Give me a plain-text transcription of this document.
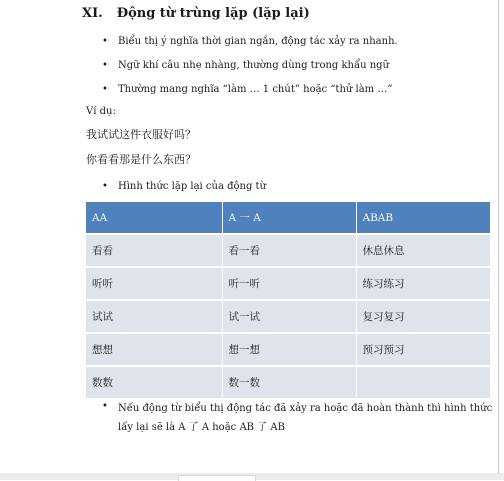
XI. Động từ trùng lặp (lặp lại)
•	Biểu thị ý nghĩa thời gian ngắn, động tác xảy ra nhanh.
•	Ngữ khí câu nhẹ nhàng, thường dùng trong khẩu ngữ
•	Thường mang nghĩa “làm … 1 chút” hoặc “thử làm …”
Ví dụ:
我试试这件衣服好吗？
你看看那是什么东西？
•	Hình thức lặp lại của động từ
AA	A 一 A	ABAB
看看	看一看	休息休息
听听	听一听	练习练习
试试	试一试	复习复习
想想	想一想	预习预习
数数	数一数	
•	Nếu động từ biểu thị động tác đã xảy ra hoặc đã hoàn thành thì hình thức
lấy lại sẽ là A 了 A hoặc AB 了 AB
